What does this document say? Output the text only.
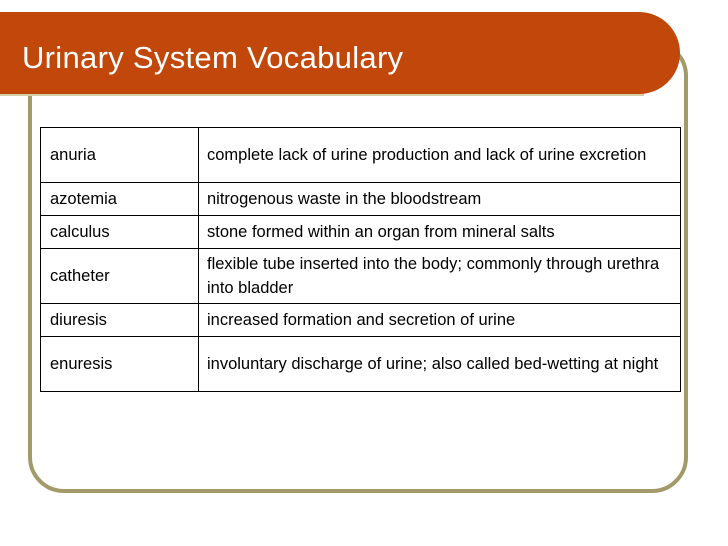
Urinary System Vocabulary
anuria	complete lack of urine production and lack of urine excretion
azotemia	nitrogenous waste in the bloodstream
calculus	stone formed within an organ from mineral salts
catheter	flexible tube inserted into the body; commonly through urethra into bladder
diuresis	increased formation and secretion of urine
enuresis	involuntary discharge of urine; also called bed-wetting at night
